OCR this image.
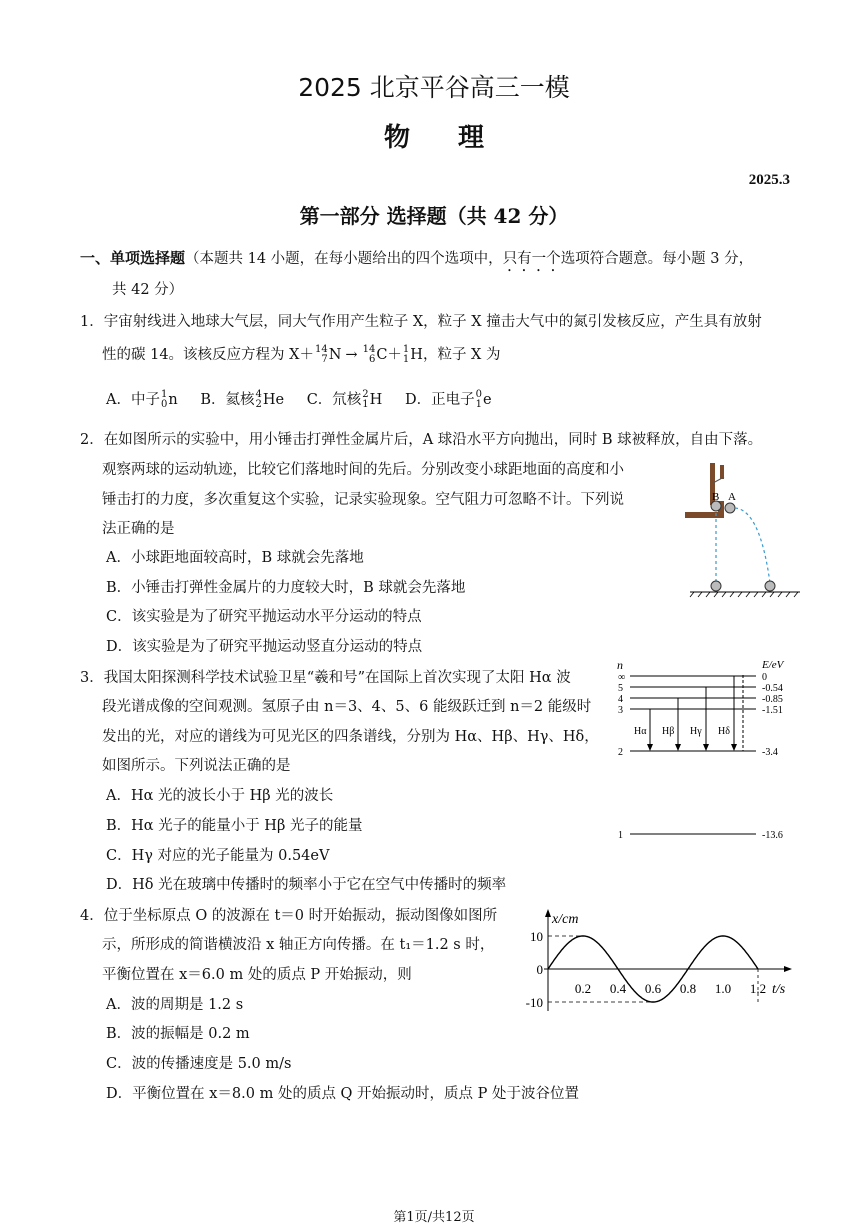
2025 北京平谷高三一模
物理
2025.3
第一部分 选择题（共 42 分）
一、单项选择题（本题共 14 小题，在每小题给出的四个选项中，只有一个选项符合题意。每小题 3 分，
共 42 分）
1．宇宙射线进入地球大气层，同大气作用产生粒子 X，粒子 X 撞击大气中的氮引发核反应，产生具有放射
性的碳 14。该核反应方程为 X＋ 14
7 N → 14
6 C＋ 1
1 H，粒子 X 为
A．中子 1
0 n B．氦核 4
2 He C．氘核 2
1 H D．正电子 0
1 e
2．在如图所示的实验中，用小锤击打弹性金属片后，A 球沿水平方向抛出，同时 B 球被释放，自由下落。
观察两球的运动轨迹，比较它们落地时间的先后。分别改变小球距地面的高度和小
锤击打的力度，多次重复这个实验，记录实验现象。空气阻力可忽略不计。下列说
法正确的是
A．小球距地面较高时，B 球就会先落地
B．小锤击打弹性金属片的力度较大时，B 球就会先落地
C．该实验是为了研究平抛运动水平分运动的特点
D．该实验是为了研究平抛运动竖直分运动的特点
B A
3．我国太阳探测科学技术试验卫星“羲和号”在国际上首次实现了太阳 Hα 波
段光谱成像的空间观测。氢原子由 n＝3、4、5、6 能级跃迁到 n＝2 能级时
发出的光，对应的谱线为可见光区的四条谱线，分别为 Hα、Hβ、Hγ、Hδ，
如图所示。下列说法正确的是
A．Hα 光的波长小于 Hβ 光的波长
B．Hα 光子的能量小于 Hβ 光子的能量
C．Hγ 对应的光子能量为 0.54eV
D．Hδ 光在玻璃中传播时的频率小于它在空气中传播时的频率
n	E/eV
∞	0
5	-0.54
4	-0.85
3	-1.51
2	-3.4
1	-13.6
Hα Hβ Hγ Hδ
4．位于坐标原点 O 的波源在 t＝0 时开始振动，振动图像如图所
示，所形成的简谐横波沿 x 轴正方向传播。在 t₁＝1.2 s 时，
平衡位置在 x＝6.0 m 处的质点 P 开始振动，则
A．波的周期是 1.2 s
B．波的振幅是 0.2 m
C．波的传播速度是 5.0 m/s
D．平衡位置在 x＝8.0 m 处的质点 Q 开始振动时，质点 P 处于波谷位置
x/cm
t/s
10
0
-10
0.2 0.4 0.6 0.8 1.0 1.2
第1页/共12页
